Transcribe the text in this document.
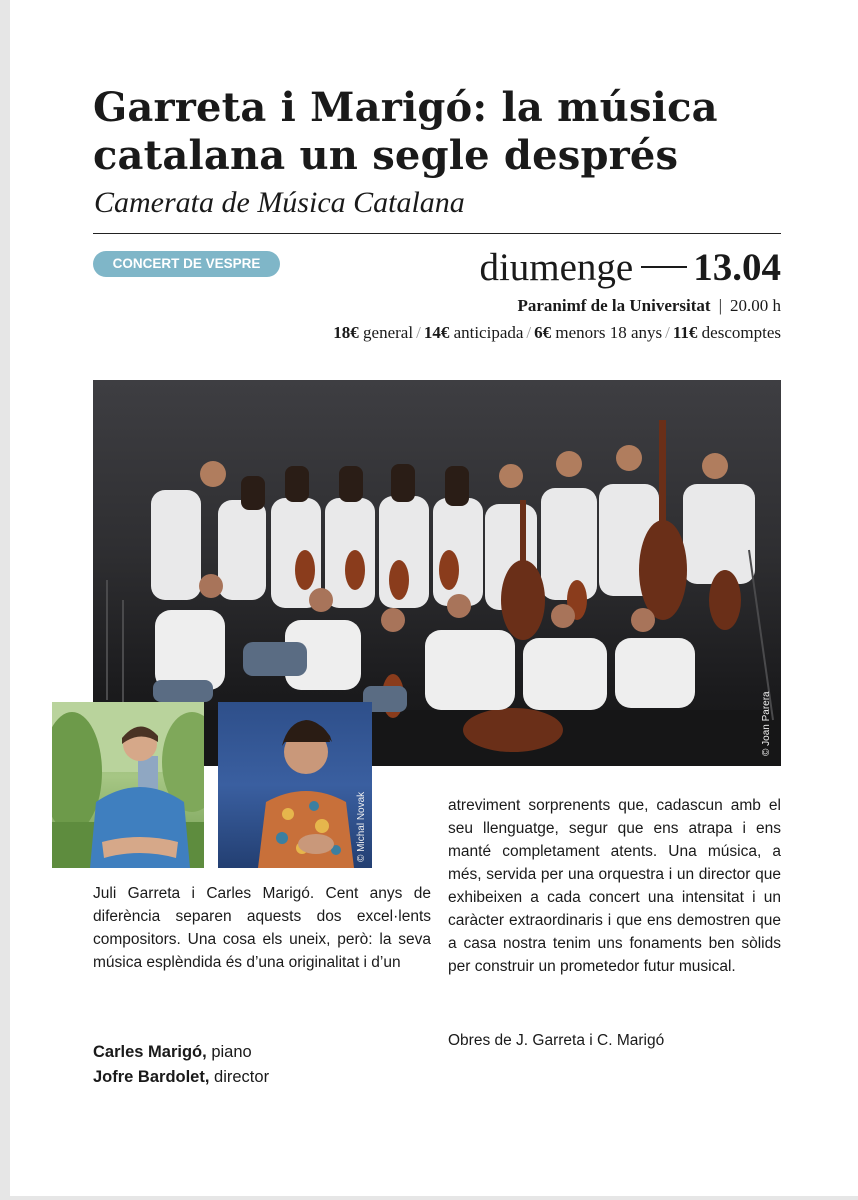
Garreta i Marigó: la música catalana un segle després
Camerata de Música Catalana
CONCERT DE VESPRE	diumenge 13.04
Paranimf de la Universitat | 20.00 h
18€ general / 14€ anticipada / 6€ menors 18 anys / 11€ descomptes
© Joan Parera
© Michal Novak

Juli Garreta i Carles Marigó. Cent anys de diferència separen aquests dos excel·lents compositors. Una cosa els uneix, però: la seva música esplèndida és d’una originalitat i d’un

atreviment sorprenents que, cadascun amb el seu llenguatge, segur que ens atrapa i ens manté completament atents. Una música, a més, servida per una orquestra i un director que exhibeixen a cada concert una intensitat i un caràcter extraordinaris i que ens demostren que a casa nostra tenim uns fonaments ben sòlids per construir un prometedor futur musical.

Obres de J. Garreta i C. Marigó
Carles Marigó, piano
Jofre Bardolet, director
